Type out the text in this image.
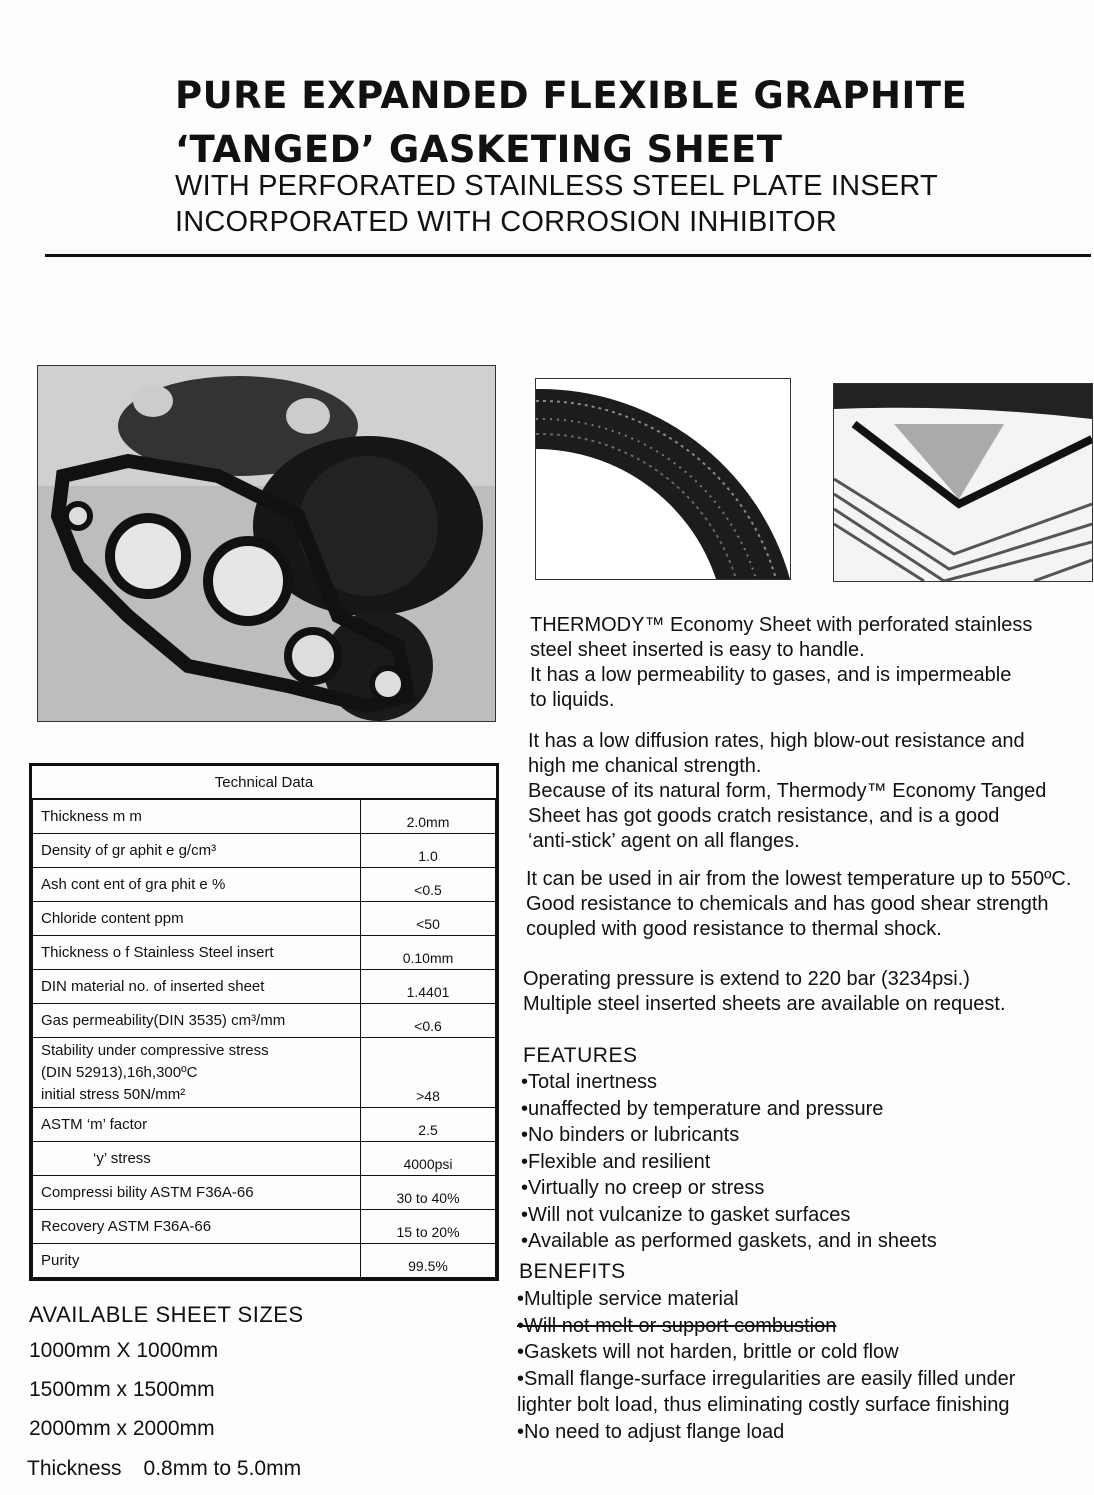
PURE EXPANDED FLEXIBLE GRAPHITE
‘TANGED’ GASKETING SHEET
WITH PERFORATED STAINLESS STEEL PLATE INSERT
INCORPORATED WITH CORROSION INHIBITOR
THERMODY™ Economy Sheet with perforated stainless
steel sheet inserted is easy to handle.
It has a low permeability to gases, and is impermeable
to liquids.
It has a low diffusion rates, high blow-out resistance and
high me chanical strength.
Because of its natural form, Thermody™ Economy Tanged
Sheet has got goods cratch resistance, and is a good
‘anti-stick’ agent on all flanges.
It can be used in air from the lowest temperature up to 550ºC.
Good resistance to chemicals and has good shear strength
coupled with good resistance to thermal shock.
Operating pressure is extend to 220 bar (3234psi.)
Multiple steel inserted sheets are available on request.
FEATURES
• Total inertness
• unaffected by temperature and pressure
• No binders or lubricants
• Flexible and resilient
• Virtually no creep or stress
• Will not vulcanize to gasket surfaces
• Available as performed gaskets, and in sheets
BENEFITS
• Multiple service material
• Will not melt or support combustion
• Gaskets will not harden, brittle or cold flow
• Small flange-surface irregularities are easily filled under lighter bolt load, thus eliminating costly surface finishing
• No need to adjust flange load
Technical Data	
Thickness m m	2.0mm
Density of gr aphit e g/cm³	1.0
Ash cont ent of gra phit e %	<0.5
Chloride content ppm	<50
Thickness o f Stainless Steel insert	0.10mm
DIN material no. of inserted sheet	1.4401
Gas permeability(DIN 3535) cm³/mm	<0.6

Stability under compressive stress
(DIN 52913),16h,300ºC
initial stress 50N/mm²	>48
ASTM ‘m’ factor	2.5
‘y’ stress	4000psi
Compressi bility ASTM F36A-66	30 to 40%
Recovery ASTM F36A-66	15 to 20%
Purity	99.5%
AVAILABLE SHEET SIZES
1000mm X 1000mm
1500mm x 1500mm
2000mm x 2000mm
Thickness 0.8mm to 5.0mm
